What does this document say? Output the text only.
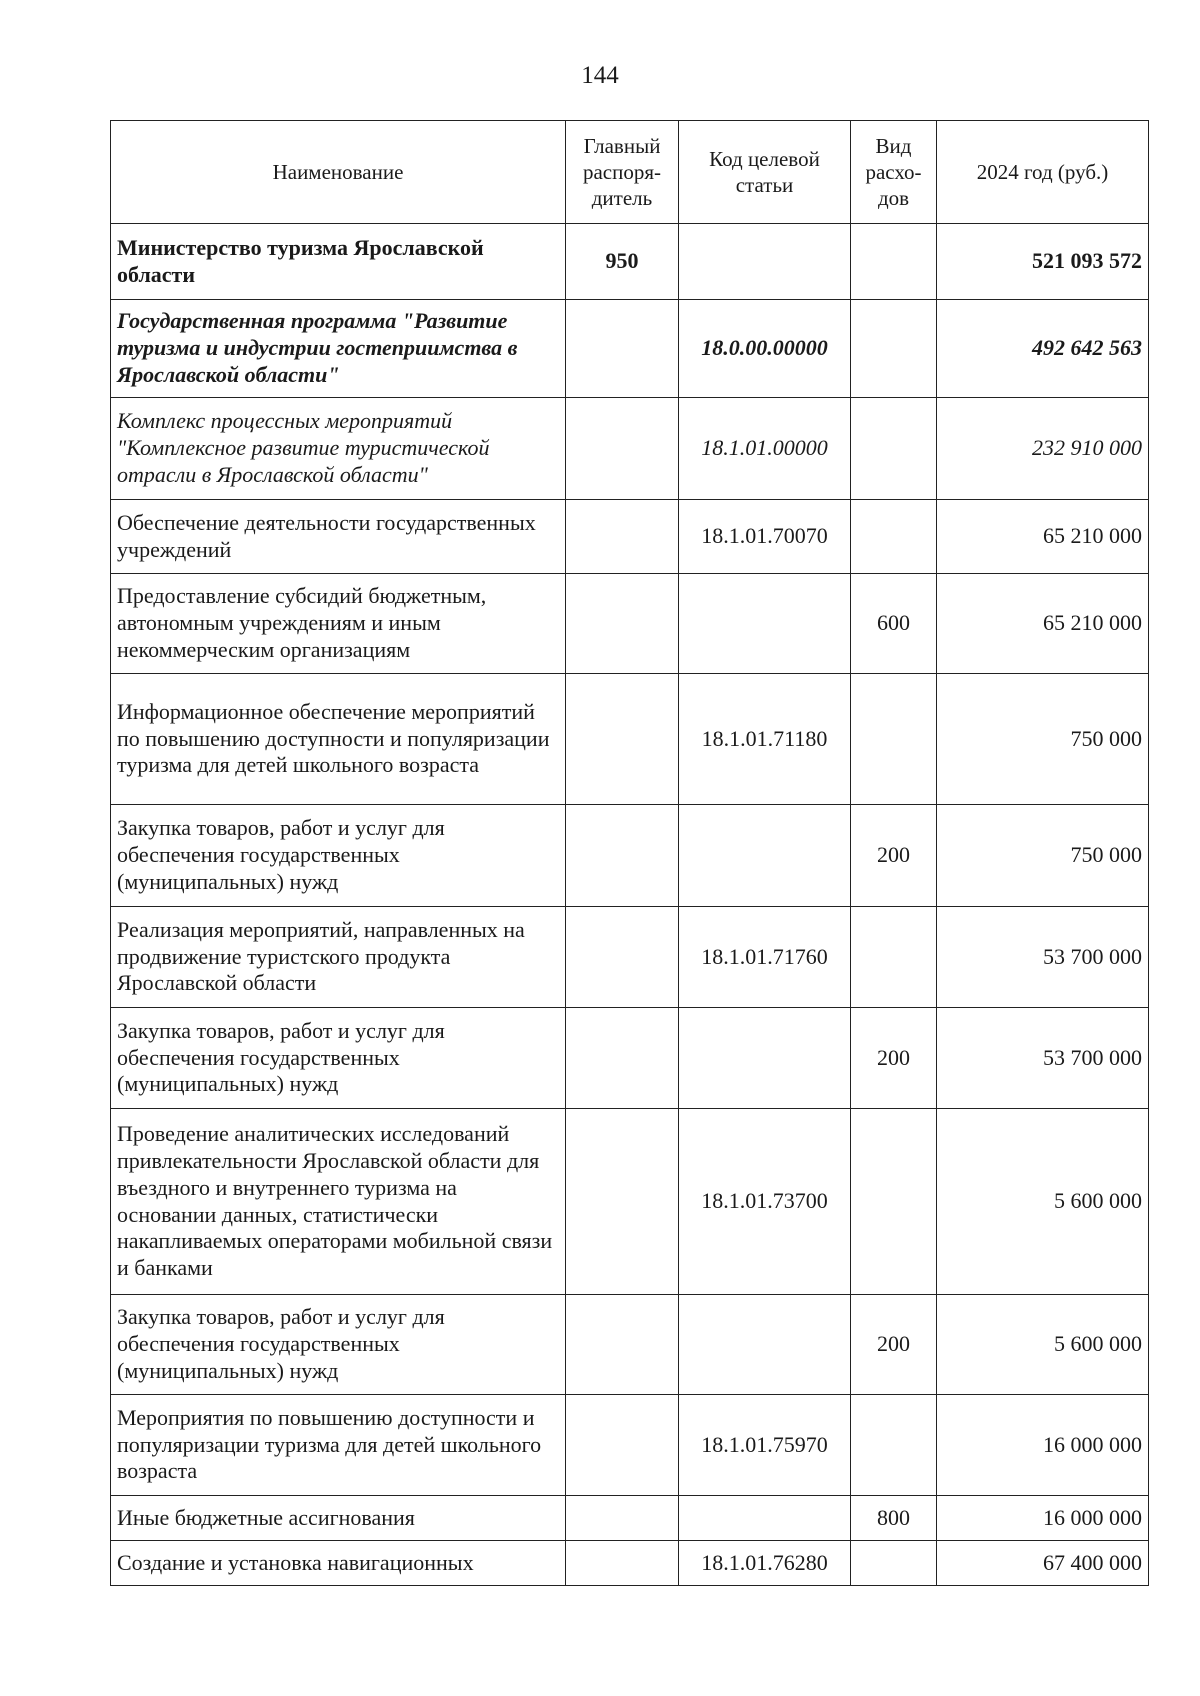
144
Наименование	Главный распоря-дитель	Код целевой статьи	Вид расхо-дов	2024 год (руб.)
Министерство туризма Ярославской области	950			521 093 572
Государственная программа "Развитие туризма и индустрии гостеприимства в Ярославской области"		18.0.00.00000		492 642 563
Комплекс процессных мероприятий "Комплексное развитие туристической отрасли в Ярославской области"		18.1.01.00000		232 910 000
Обеспечение деятельности государственных учреждений		18.1.01.70070		65 210 000
Предоставление субсидий бюджетным, автономным учреждениям и иным некоммерческим организациям			600	65 210 000
Информационное обеспечение мероприятий по повышению доступности и популяризации туризма для детей школьного возраста		18.1.01.71180		750 000
Закупка товаров, работ и услуг для обеспечения государственных (муниципальных) нужд			200	750 000
Реализация мероприятий, направленных на продвижение туристского продукта Ярославской области		18.1.01.71760		53 700 000
Закупка товаров, работ и услуг для обеспечения государственных (муниципальных) нужд			200	53 700 000
Проведение аналитических исследований привлекательности Ярославской области для въездного и внутреннего туризма на основании данных, статистически накапливаемых операторами мобильной связи и банками		18.1.01.73700		5 600 000
Закупка товаров, работ и услуг для обеспечения государственных (муниципальных) нужд			200	5 600 000
Мероприятия по повышению доступности и популяризации туризма для детей школьного возраста		18.1.01.75970		16 000 000
Иные бюджетные ассигнования			800	16 000 000
Создание и установка навигационных		18.1.01.76280		67 400 000
